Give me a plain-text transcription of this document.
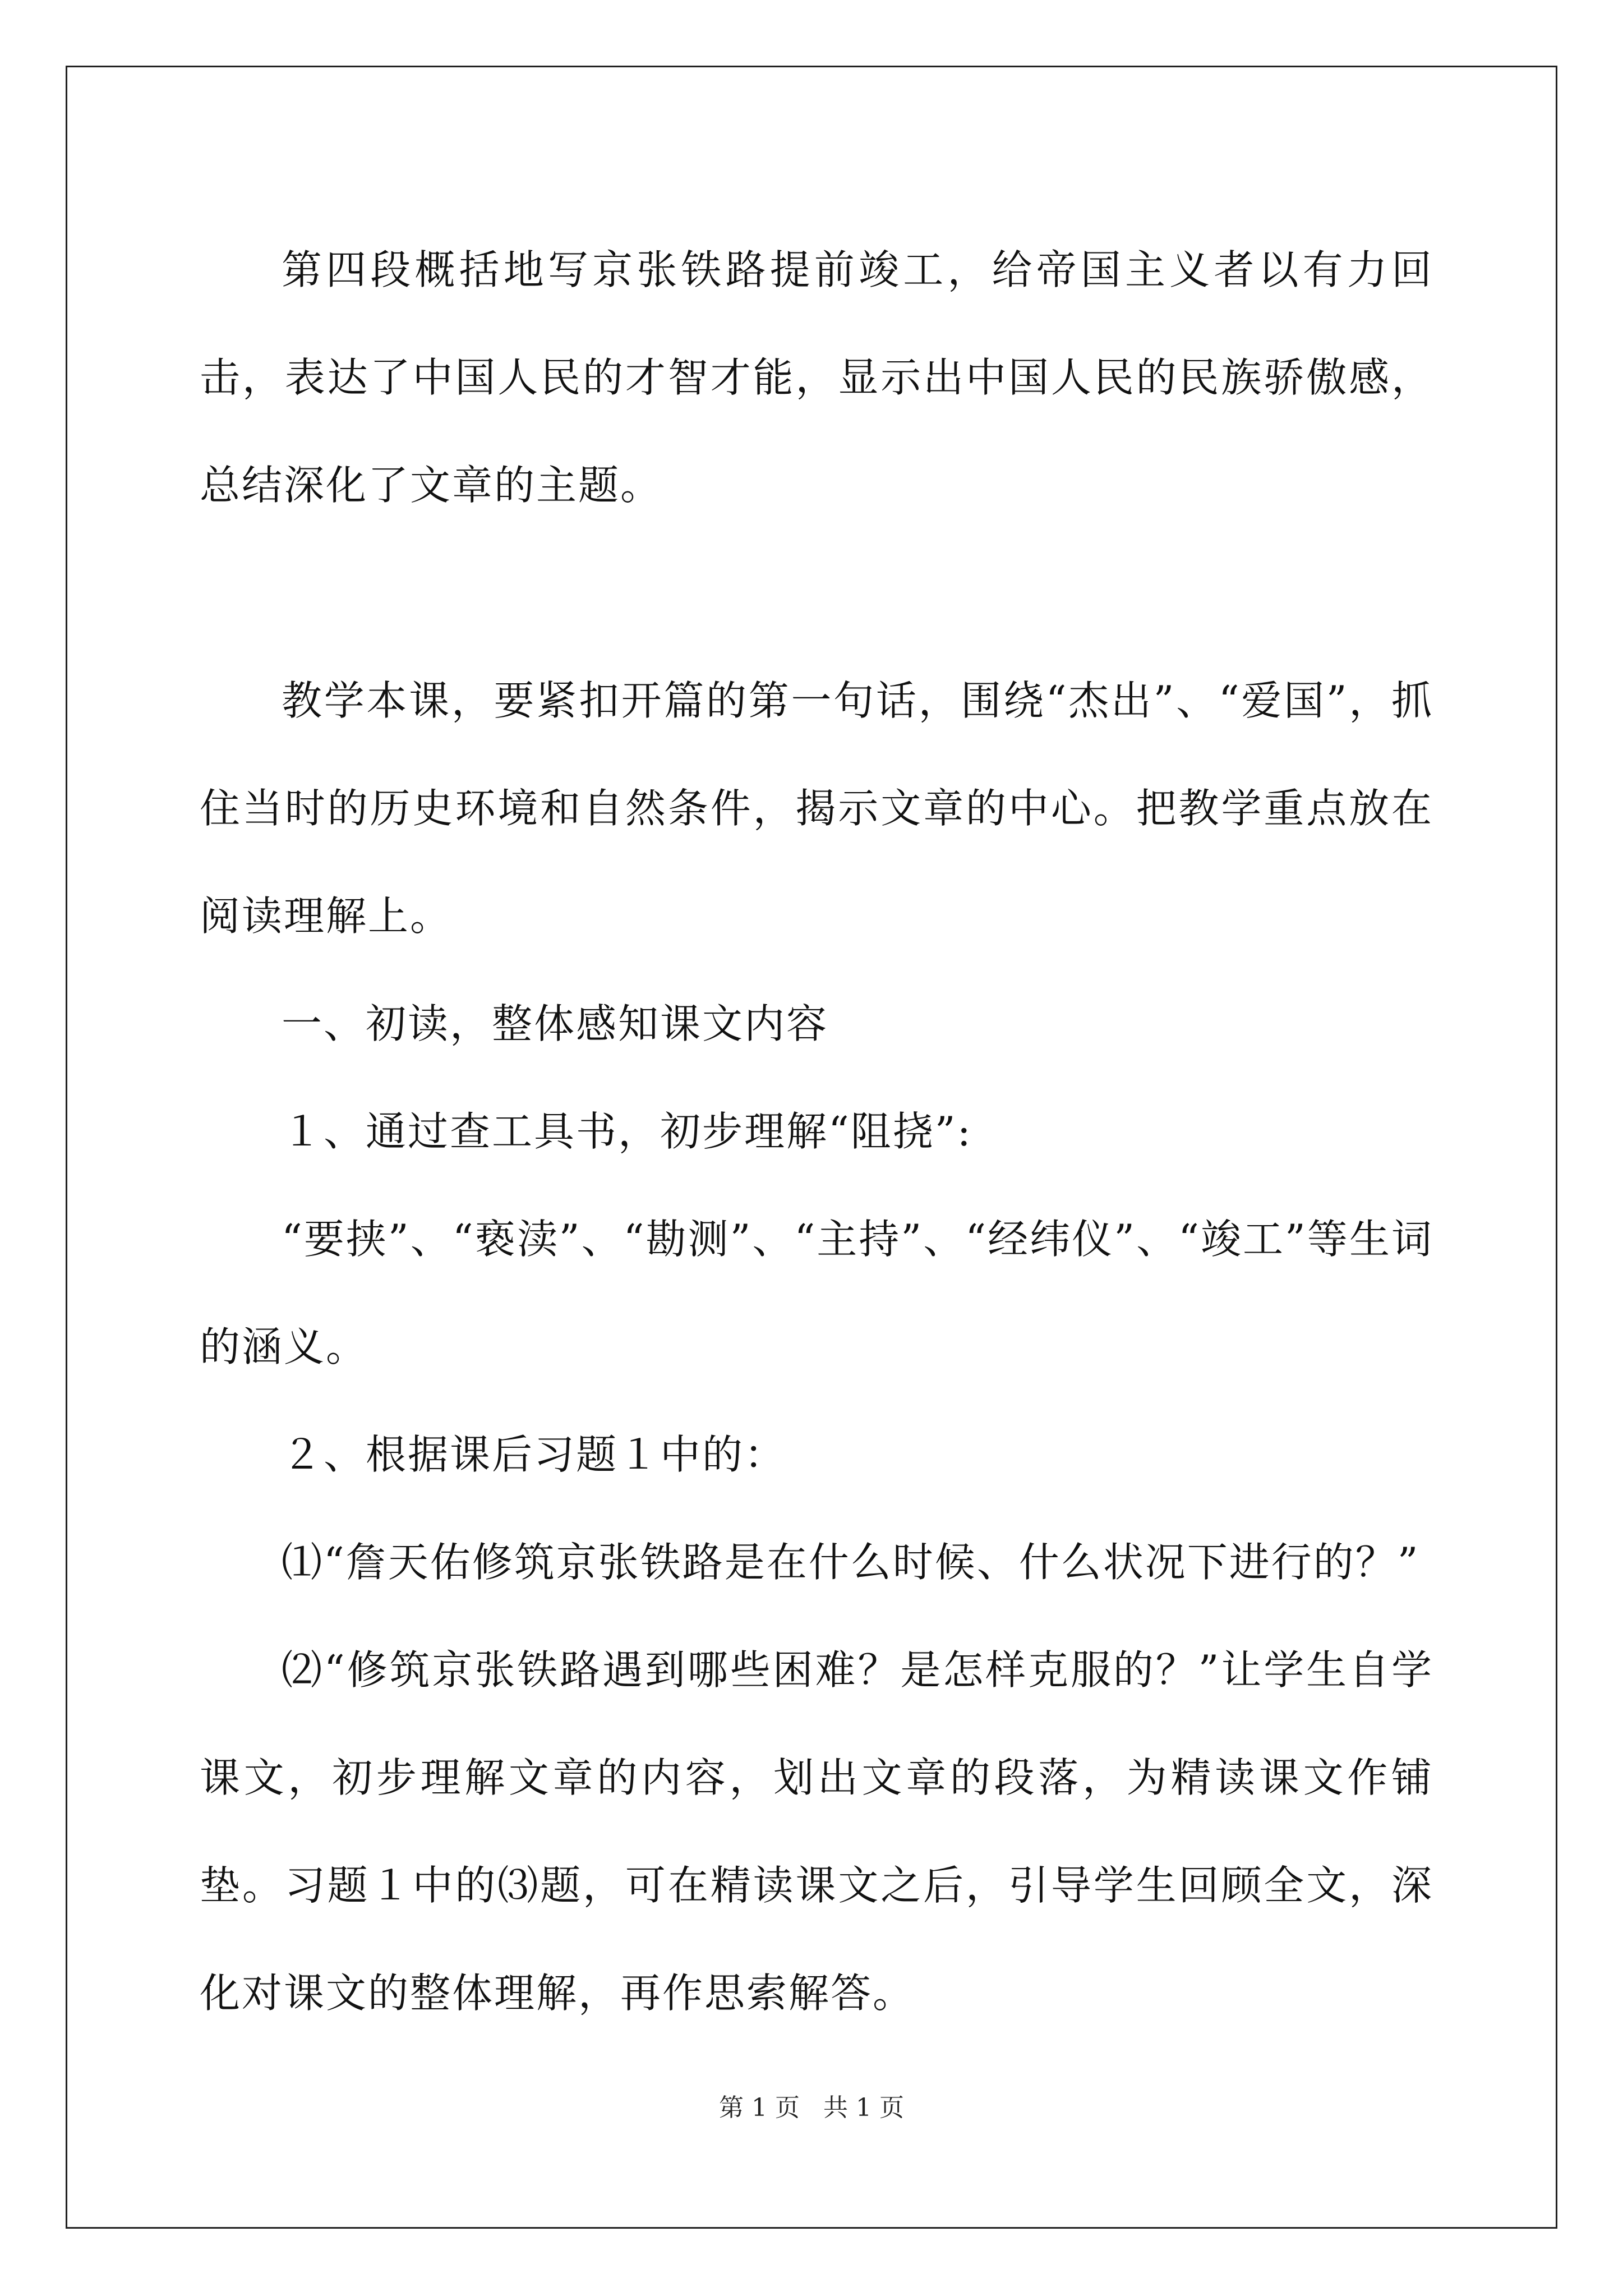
第四段概括地写京张铁路提前竣工，给帝国主义者以有力回击，表达了中国人民的才智才能，显示出中国人民的民族骄傲感，总结深化了文章的主题。

教学本课，要紧扣开篇的第一句话，围绕“杰出”、“爱国”，抓住当时的历史环境和自然条件，揭示文章的中心。把教学重点放在阅读理解上。

一、初读，整体感知课文内容

１、通过查工具书，初步理解“阻挠”:

“要挟”、“亵渎”、“勘测”、“主持”、“经纬仪”、“竣工”等生词的涵义。

２、根据课后习题１中的：

⑴“詹天佑修筑京张铁路是在什么时候、什么状况下进行的？”

⑵“修筑京张铁路遇到哪些困难？是怎样克服的？”让学生自学课文，初步理解文章的内容，划出文章的段落，为精读课文作铺垫。习题１中的⑶题，可在精读课文之后，引导学生回顾全文，深化对课文的整体理解，再作思索解答。

第 1 页 共 1 页
